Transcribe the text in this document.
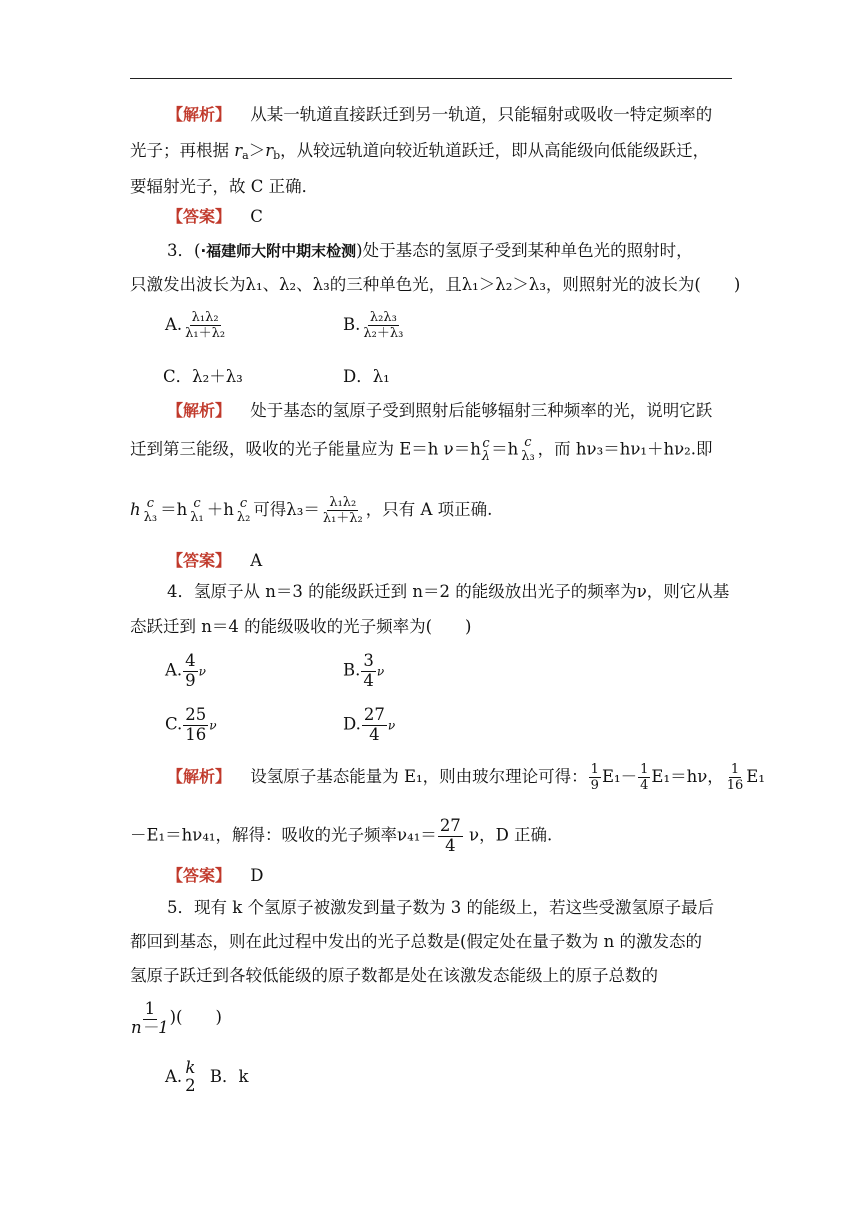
【解析】 从某一轨道直接跃迁到另一轨道，只能辐射或吸收一特定频率的
光子；再根据 $r_a>r_b$，从较远轨道向较近轨道跃迁，即从高能级向低能级跃迁，
要辐射光子，故 C 正确．
【答案】 C
3．(·福建师大附中期末检测)处于基态的氢原子受到某种单色光的照射时，
只激发出波长为λ₁、λ₂、λ₃的三种单色光，且λ₁＞λ₂＞λ₃，则照射光的波长为(　　)
A. $\frac{\text{λ₁λ₂}}{\text{λ₁＋λ₂}}$	B. $\frac{\text{λ₂λ₃}}{\text{λ₂＋λ₃}}$
C．λ₂＋λ₃	D．λ₁
【解析】 处于基态的氢原子受到照射后能够辐射三种频率的光，说明它跃
迁到第三能级，吸收的光子能量应为 E＝h ν＝h c
λ ＝h c
λ₃ ，而 hν₃＝hν₁＋hν₂.即
h c
λ₃ ＝h c
λ₁ ＋h c
λ₂ 可得$\lambda_3= \frac{\text{λ₁λ₂}}{\text{λ₁＋λ₂}}$ ，只有 A 项正确.
【答案】 A
4．氢原子从 n＝3 的能级跃迁到 n＝2 的能级放出光子的频率为ν，则它从基
态跃迁到 n＝4 的能级吸收的光子频率为(　　)
A. $\frac{4}{9}$ ν	B. $\frac{3}{4}$ ν
C. $\frac{25}{16}$ ν	D. $\frac{27}{4}$ ν
【解析】 设氢原子基态能量为 E₁，则由玻尔理论可得： $\frac{1}{9} E_1- \frac{1}{4} E_1=h\nu$， $\frac{1}{16} E_1$
－E₁＝hν₄₁，解得：吸收的光子频率$\nu_{41}= \frac{27}{4}$ ν，D 正确.
【答案】 D
5．现有 k 个氢原子被激发到量子数为 3 的能级上，若这些受激氢原子最后
都回到基态，则在此过程中发出的光子总数是(假定处在量子数为 n 的激发态的
氢原子跃迁到各较低能级的原子数都是处在该激发态能级上的原子总数的
$\frac{1}{n-1}$ )(　　)
A. k
2 B．k
